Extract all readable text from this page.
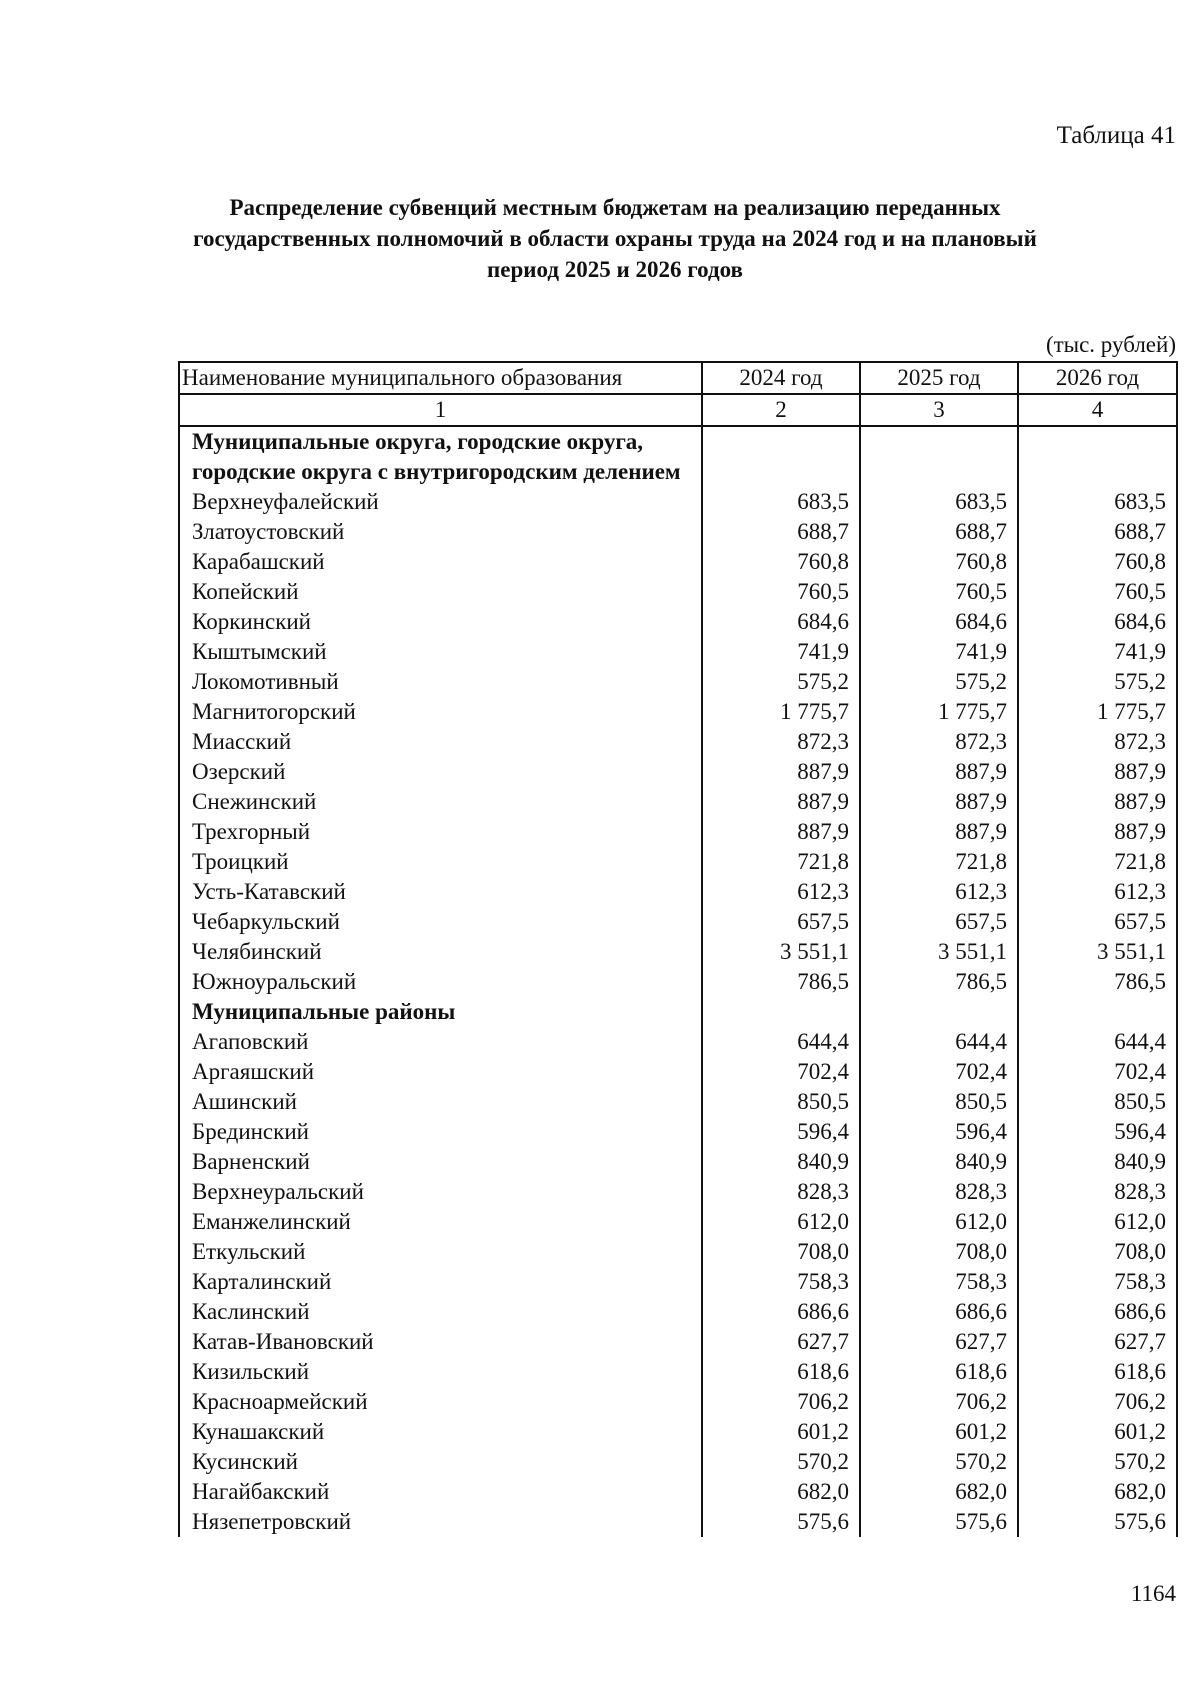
Таблица 41
Распределение субвенций местным бюджетам на реализацию переданных государственных полномочий в области охраны труда на 2024 год и на плановый период 2025 и 2026 годов
(тыс. рублей)
Наименование муниципального образования	2024 год	2025 год	2026 год
1	2	3	4
Муниципальные округа, городские округа, городские округа с внутригородским делением			
Верхнеуфалейский	683,5	683,5	683,5
Златоустовский	688,7	688,7	688,7
Карабашский	760,8	760,8	760,8
Копейский	760,5	760,5	760,5
Коркинский	684,6	684,6	684,6
Кыштымский	741,9	741,9	741,9
Локомотивный	575,2	575,2	575,2
Магнитогорский	1 775,7	1 775,7	1 775,7
Миасский	872,3	872,3	872,3
Озерский	887,9	887,9	887,9
Снежинский	887,9	887,9	887,9
Трехгорный	887,9	887,9	887,9
Троицкий	721,8	721,8	721,8
Усть-Катавский	612,3	612,3	612,3
Чебаркульский	657,5	657,5	657,5
Челябинский	3 551,1	3 551,1	3 551,1
Южноуральский	786,5	786,5	786,5
Муниципальные районы			
Агаповский	644,4	644,4	644,4
Аргаяшский	702,4	702,4	702,4
Ашинский	850,5	850,5	850,5
Брединский	596,4	596,4	596,4
Варненский	840,9	840,9	840,9
Верхнеуральский	828,3	828,3	828,3
Еманжелинский	612,0	612,0	612,0
Еткульский	708,0	708,0	708,0
Карталинский	758,3	758,3	758,3
Каслинский	686,6	686,6	686,6
Катав-Ивановский	627,7	627,7	627,7
Кизильский	618,6	618,6	618,6
Красноармейский	706,2	706,2	706,2
Кунашакский	601,2	601,2	601,2
Кусинский	570,2	570,2	570,2
Нагайбакский	682,0	682,0	682,0
Нязепетровский	575,6	575,6	575,6
1164
